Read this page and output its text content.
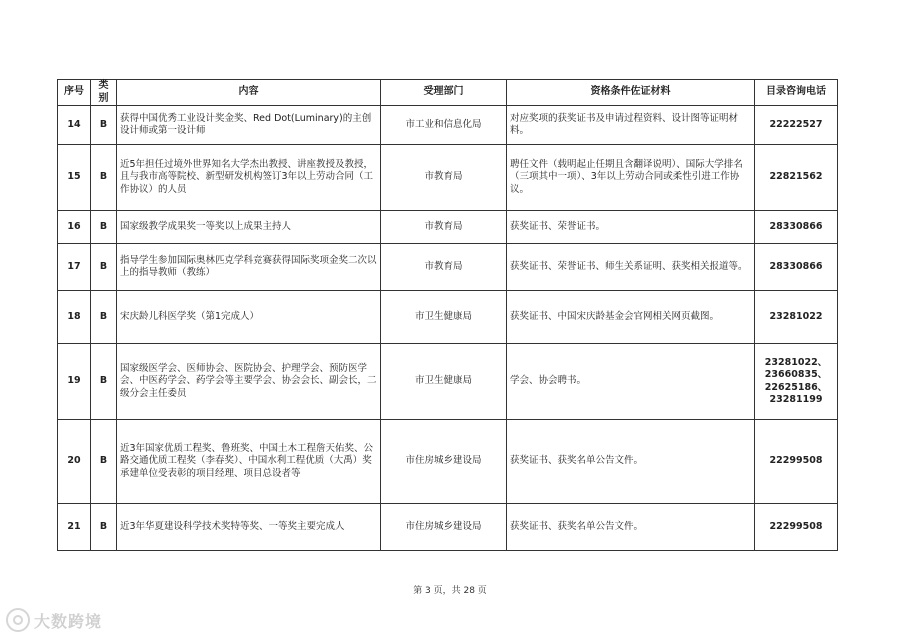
序号	类别	内容	受理部门	资格条件佐证材料	目录咨询电话
14	B	获得中国优秀工业设计奖金奖、Red Dot(Luminary)的主创设计师或第一设计师	市工业和信息化局	对应奖项的获奖证书及申请过程资料、设计图等证明材料。	22222527

15	B	近5年担任过境外世界知名大学杰出教授、讲座教授及教授，且与我市高等院校、新型研发机构签订3年以上劳动合同（工作协议）的人员	市教育局	聘任文件（载明起止任期且含翻译说明）、国际大学排名（三项其中一项）、3年以上劳动合同或柔性引进工作协议。	22821562

16	B	国家级教学成果奖一等奖以上成果主持人	市教育局	获奖证书、荣誉证书。	28330866

17	B	指导学生参加国际奥林匹克学科竞赛获得国际奖项金奖二次以上的指导教师（教练）	市教育局	获奖证书、荣誉证书、师生关系证明、获奖相关报道等。	28330866

18	B	宋庆龄儿科医学奖（第1完成人）	市卫生健康局	获奖证书、中国宋庆龄基金会官网相关网页截图。	23281022

19	B	国家级医学会、医师协会、医院协会、护理学会、预防医学会、中医药学会、药学会等主要学会、协会会长、副会长，二级分会主任委员	市卫生健康局	学会、协会聘书。	23281022、
23660835、
22625186、
23281199

20	B	近3年国家优质工程奖、鲁班奖、中国土木工程詹天佑奖、公路交通优质工程奖（李春奖）、中国水利工程优质（大禹）奖承建单位受表彰的项目经理、项目总设者等	市住房城乡建设局	获奖证书、获奖名单公告文件。	22299508

21	B	近3年华夏建设科学技术奖特等奖、一等奖主要完成人	市住房城乡建设局	获奖证书、获奖名单公告文件。	22299508
第 3 页，共 28 页
大数跨境
